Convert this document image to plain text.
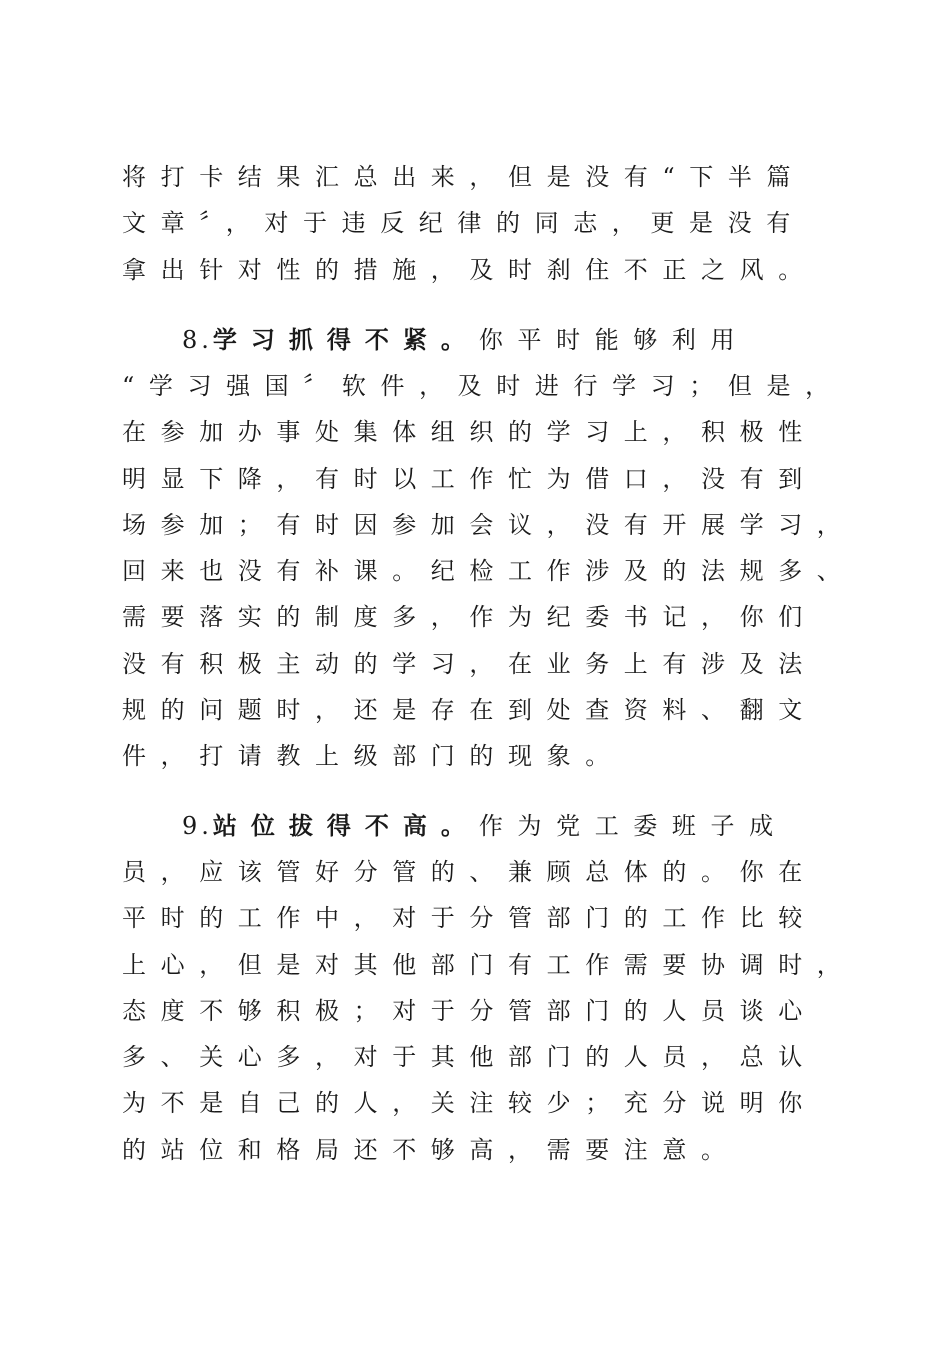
将打卡结果汇总出来，但是没有“下半篇
文章〞，对于违反纪律的同志，更是没有
拿出针对性的措施，及时刹住不正之风。
8.学习抓得不紧。你平时能够利用
“学习强国〞软件，及时进行学习；但是，
在参加办事处集体组织的学习上，积极性
明显下降，有时以工作忙为借口，没有到
场参加；有时因参加会议，没有开展学习，
回来也没有补课。纪检工作涉及的法规多、
需要落实的制度多，作为纪委书记，你们
没有积极主动的学习，在业务上有涉及法
规的问题时，还是存在到处查资料、翻文
件，打请教上级部门的现象。
9.站位拔得不高。作为党工委班子成
员，应该管好分管的、兼顾总体的。你在
平时的工作中，对于分管部门的工作比较
上心，但是对其他部门有工作需要协调时，
态度不够积极；对于分管部门的人员谈心
多、关心多，对于其他部门的人员，总认
为不是自己的人，关注较少；充分说明你
的站位和格局还不够高，需要注意。
